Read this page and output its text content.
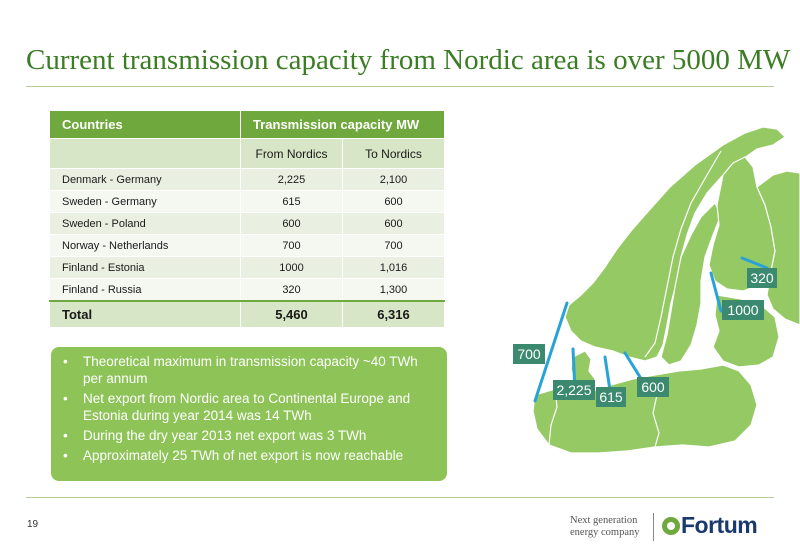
Current transmission capacity from Nordic area is over 5000 MW
Countries	Transmission capacity MW	
	From Nordics	To Nordics
Denmark - Germany	2,225	2,100
Sweden - Germany	615	600
Sweden - Poland	600	600
Norway - Netherlands	700	700
Finland - Estonia	1000	1,016
Finland - Russia	320	1,300
Total	5,460	6,316
• Theoretical maximum in transmission capacity ~40 TWh per annum
• Net export from Nordic area to Continental Europe and Estonia during year 2014 was 14 TWh
• During the dry year 2013 net export was 3 TWh
• Approximately 25 TWh of net export is now reachable
320
1000
700
2,225 615
600
19	Next generation
energy company	Fortum
